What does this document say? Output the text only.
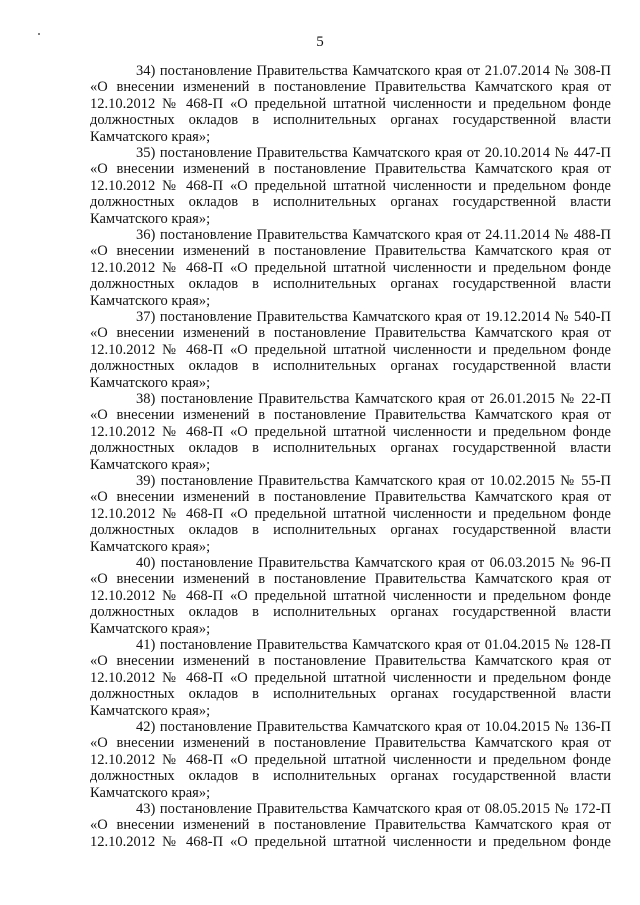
5
34) постановление Правительства Камчатского края от 21.07.2014 № 308-П
«О внесении изменений в постановление Правительства Камчатского края от
12.10.2012 № 468-П «О предельной штатной численности и предельном фонде
должностных окладов в исполнительных органах государственной власти
Камчатского края»;
35) постановление Правительства Камчатского края от 20.10.2014 № 447-П
«О внесении изменений в постановление Правительства Камчатского края от
12.10.2012 № 468-П «О предельной штатной численности и предельном фонде
должностных окладов в исполнительных органах государственной власти
Камчатского края»;
36) постановление Правительства Камчатского края от 24.11.2014 № 488-П
«О внесении изменений в постановление Правительства Камчатского края от
12.10.2012 № 468-П «О предельной штатной численности и предельном фонде
должностных окладов в исполнительных органах государственной власти
Камчатского края»;
37) постановление Правительства Камчатского края от 19.12.2014 № 540-П
«О внесении изменений в постановление Правительства Камчатского края от
12.10.2012 № 468-П «О предельной штатной численности и предельном фонде
должностных окладов в исполнительных органах государственной власти
Камчатского края»;
38) постановление Правительства Камчатского края от 26.01.2015 № 22-П
«О внесении изменений в постановление Правительства Камчатского края от
12.10.2012 № 468-П «О предельной штатной численности и предельном фонде
должностных окладов в исполнительных органах государственной власти
Камчатского края»;
39) постановление Правительства Камчатского края от 10.02.2015 № 55-П
«О внесении изменений в постановление Правительства Камчатского края от
12.10.2012 № 468-П «О предельной штатной численности и предельном фонде
должностных окладов в исполнительных органах государственной власти
Камчатского края»;
40) постановление Правительства Камчатского края от 06.03.2015 № 96-П
«О внесении изменений в постановление Правительства Камчатского края от
12.10.2012 № 468-П «О предельной штатной численности и предельном фонде
должностных окладов в исполнительных органах государственной власти
Камчатского края»;
41) постановление Правительства Камчатского края от 01.04.2015 № 128-П
«О внесении изменений в постановление Правительства Камчатского края от
12.10.2012 № 468-П «О предельной штатной численности и предельном фонде
должностных окладов в исполнительных органах государственной власти
Камчатского края»;
42) постановление Правительства Камчатского края от 10.04.2015 № 136-П
«О внесении изменений в постановление Правительства Камчатского края от
12.10.2012 № 468-П «О предельной штатной численности и предельном фонде
должностных окладов в исполнительных органах государственной власти
Камчатского края»;
43) постановление Правительства Камчатского края от 08.05.2015 № 172-П
«О внесении изменений в постановление Правительства Камчатского края от
12.10.2012 № 468-П «О предельной штатной численности и предельном фонде
